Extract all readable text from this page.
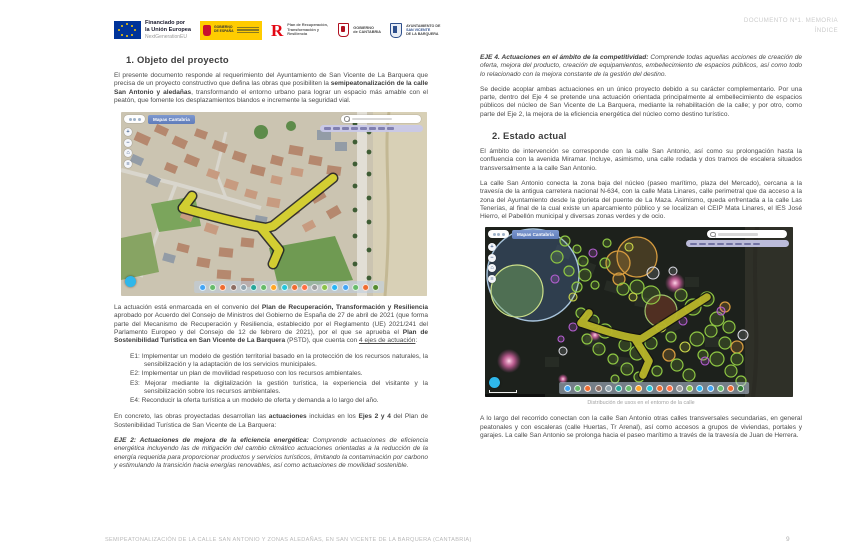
Financiado por
la Unión Europea
NextGenerationEU
GOBIERNO
DE ESPAÑA R Plan de Recuperación, Transformación y Resiliencia
GOBIERNO
de CANTABRIA
AYUNTAMIENTO DE
SAN VICENTE
DE LA BARQUERA
DOCUMENTO Nº1. MEMORIA
ÍNDICE
1. Objeto del proyecto

El presente documento responde al requerimiento del Ayuntamiento de San Vicente de La Barquera que precisa de un proyecto constructivo que defina las obras que posibiliten la semipeatonalización de la calle San Antonio y aledañas, transformando el entorno urbano para lograr un espacio más amable con el peatón, que fomente los desplazamientos blandos e incremente la seguridad vial.

Mapas Cantabria
+
−
⌂
≡

La actuación está enmarcada en el convenio del Plan de Recuperación, Transformación y Resiliencia aprobado por Acuerdo del Consejo de Ministros del Gobierno de España de 27 de abril de 2021 (que forma parte del Mecanismo de Recuperación y Resiliencia, establecido por el Reglamento (UE) 2021/241 del Parlamento Europeo y del Consejo de 12 de febrero de 2021), por el que se aprueba el Plan de Sostenibilidad Turística en San Vicente de La Barquera (PSTD), que cuenta con 4 ejes de actuación:

E1: Implementar un modelo de gestión territorial basado en la protección de los recursos naturales, la sensibilización y la adaptación de los servicios municipales.
E2: Implementar un plan de movilidad respetuoso con los recursos ambientales.
E3: Mejorar mediante la digitalización la gestión turística, la experiencia del visitante y la sensibilización sobre los recursos ambientales.
E4: Reconducir la oferta turística a un modelo de oferta y demanda a lo largo del año.

En concreto, las obras proyectadas desarrollan las actuaciones incluidas en los Ejes 2 y 4 del Plan de Sostenibilidad Turística de San Vicente de La Barquera:

EJE 2: Actuaciones de mejora de la eficiencia energética: Comprende actuaciones de eficiencia energética incluyendo las de mitigación del cambio climático actuaciones orientadas a la reducción de la energía requerida para proporcionar productos y servicios turísticos, limitando la contaminación por carbono y estimulando la transición hacia energías renovables, así como actuaciones de movilidad sostenible.

EJE 4. Actuaciones en el ámbito de la competitividad: Comprende todas aquellas acciones de creación de oferta, mejora del producto, creación de equipamientos, embellecimiento de espacios públicos, así como todo lo relacionado con la mejora constante de la gestión del destino.

Se decide acoplar ambas actuaciones en un único proyecto debido a su carácter complementario. Por una parte, dentro del Eje 4 se pretende una actuación orientada principalmente al embellecimiento de espacios públicos del núcleo de San Vicente de La Barquera, mediante la rehabilitación de la calle; y por otro, como parte del Eje 2, la mejora de la eficiencia energética del núcleo como destino turístico.

2. Estado actual

El ámbito de intervención se corresponde con la calle San Antonio, así como su prolongación hasta la confluencia con la avenida Miramar. Incluye, asimismo, una calle rodada y dos tramos de escalera situados transversalmente a la calle San Antonio.

La calle San Antonio conecta la zona baja del núcleo (paseo marítimo, plaza del Mercado), cercana a la travesía de la antigua carretera nacional N-634, con la calle Mata Linares, calle perimetral que da acceso a la zona del Ayuntamiento desde la glorieta del puente de La Maza. Asimismo, queda enfrentada a la calle Las Tenerías, al final de la cual existe un aparcamiento público y se localizan el CEIP Mata Linares, el IES José Hierro, el Pabellón municipal y diversas zonas verdes y de ocio.

Mapas Cantabria
+
−
⌂
≡
Distribución de usos en el entorno de la calle

A lo largo del recorrido conectan con la calle San Antonio otras calles transversales secundarias, en general peatonales y con escaleras (calle Huertas, Tr Arenal), así como accesos a grupos de viviendas, portales y garajes. La calle San Antonio se prolonga hacia el paseo marítimo a través de la travesía de Juan de Herrera.

SEMIPEATONALIZACIÓN DE LA CALLE SAN ANTONIO Y ZONAS ALEDAÑAS, EN SAN VICENTE DE LA BARQUERA (CANTABRIA)	9
